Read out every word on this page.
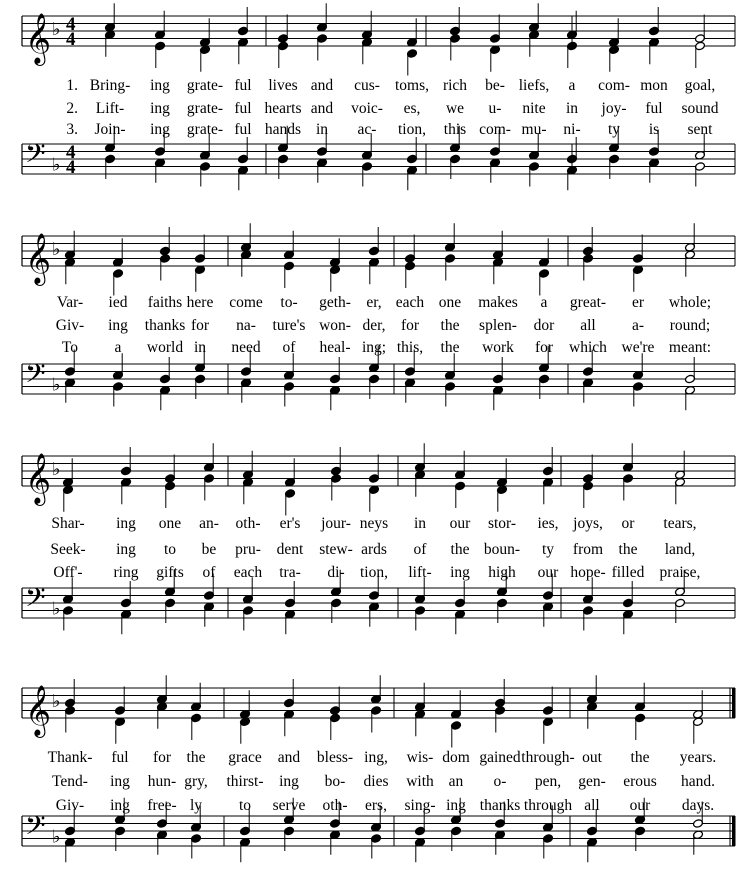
𝄞
𝄢
♭
♭
4
4
4
4
𝄞
𝄢
♭
♭
𝄞
𝄢
♭
♭
𝄞
𝄢
♭
♭
1. Bring- ing grate- ful lives and cus- toms, rich be- liefs, a com- mon goal,
2. Lift- ing grate- ful hearts and voic- es, we u- nite in joy- ful sound
3. Join- ing grate- ful hands in ac- tion, this com- mu- ni- ty is sent
Var- ied faiths here come to- geth- er, each one makes a great- er whole;
Giv- ing thanks for na- ture's won- der, for the splen- dor all a- round;
To a world in need of heal- ing; this, the work for which we're meant:
Shar- ing one an- oth- er's jour- neys in our stor- ies, joys, or tears,
Seek- ing to be pru- dent stew- ards of the boun- ty from the land,
Off'- ring gifts of each tra- di- tion, lift- ing high our hope- filled praise,
Thank- ful for the grace and bless- ing, wis- dom gained through- out the years.
Tend- ing hun- gry, thirst- ing bo- dies with an o- pen, gen- erous hand.
Giv- ing free- ly to serve oth- ers, sing- ing thanks through all our days.
